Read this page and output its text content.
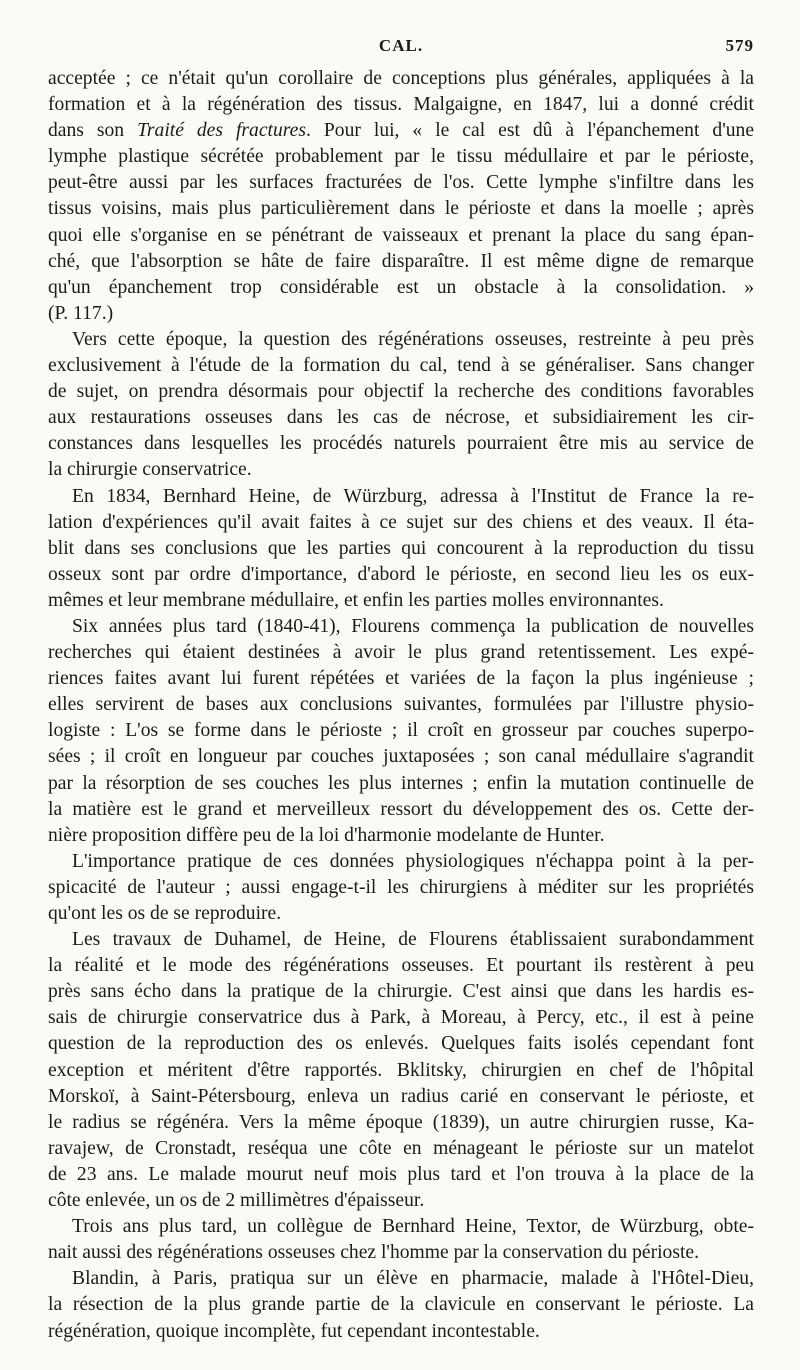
CAL.	579
acceptée ; ce n'était qu'un corollaire de conceptions plus générales, appliquées à la
formation et à la régénération des tissus. Malgaigne, en 1847, lui a donné crédit
dans son Traité des fractures. Pour lui, « le cal est dû à l'épanchement d'une
lymphe plastique sécrétée probablement par le tissu médullaire et par le périoste,
peut-être aussi par les surfaces fracturées de l'os. Cette lymphe s'infiltre dans les
tissus voisins, mais plus particulièrement dans le périoste et dans la moelle ; après
quoi elle s'organise en se pénétrant de vaisseaux et prenant la place du sang épan-
ché, que l'absorption se hâte de faire disparaître. Il est même digne de remarque
qu'un épanchement trop considérable est un obstacle à la consolidation. »
(P. 117.)
Vers cette époque, la question des régénérations osseuses, restreinte à peu près
exclusivement à l'étude de la formation du cal, tend à se généraliser. Sans changer
de sujet, on prendra désormais pour objectif la recherche des conditions favorables
aux restaurations osseuses dans les cas de nécrose, et subsidiairement les cir-
constances dans lesquelles les procédés naturels pourraient être mis au service de
la chirurgie conservatrice.
En 1834, Bernhard Heine, de Würzburg, adressa à l'Institut de France la re-
lation d'expériences qu'il avait faites à ce sujet sur des chiens et des veaux. Il éta-
blit dans ses conclusions que les parties qui concourent à la reproduction du tissu
osseux sont par ordre d'importance, d'abord le périoste, en second lieu les os eux-
mêmes et leur membrane médullaire, et enfin les parties molles environnantes.
Six années plus tard (1840-41), Flourens commença la publication de nouvelles
recherches qui étaient destinées à avoir le plus grand retentissement. Les expé-
riences faites avant lui furent répétées et variées de la façon la plus ingénieuse ;
elles servirent de bases aux conclusions suivantes, formulées par l'illustre physio-
logiste : L'os se forme dans le périoste ; il croît en grosseur par couches superpo-
sées ; il croît en longueur par couches juxtaposées ; son canal médullaire s'agrandit
par la résorption de ses couches les plus internes ; enfin la mutation continuelle de
la matière est le grand et merveilleux ressort du développement des os. Cette der-
nière proposition diffère peu de la loi d'harmonie modelante de Hunter.
L'importance pratique de ces données physiologiques n'échappa point à la per-
spicacité de l'auteur ; aussi engage-t-il les chirurgiens à méditer sur les propriétés
qu'ont les os de se reproduire.
Les travaux de Duhamel, de Heine, de Flourens établissaient surabondamment
la réalité et le mode des régénérations osseuses. Et pourtant ils restèrent à peu
près sans écho dans la pratique de la chirurgie. C'est ainsi que dans les hardis es-
sais de chirurgie conservatrice dus à Park, à Moreau, à Percy, etc., il est à peine
question de la reproduction des os enlevés. Quelques faits isolés cependant font
exception et méritent d'être rapportés. Bklitsky, chirurgien en chef de l'hôpital
Morskoï, à Saint-Pétersbourg, enleva un radius carié en conservant le périoste, et
le radius se régénéra. Vers la même époque (1839), un autre chirurgien russe, Ka-
ravajew, de Cronstadt, reséqua une côte en ménageant le périoste sur un matelot
de 23 ans. Le malade mourut neuf mois plus tard et l'on trouva à la place de la
côte enlevée, un os de 2 millimètres d'épaisseur.
Trois ans plus tard, un collègue de Bernhard Heine, Textor, de Würzburg, obte-
nait aussi des régénérations osseuses chez l'homme par la conservation du périoste.
Blandin, à Paris, pratiqua sur un élève en pharmacie, malade à l'Hôtel-Dieu,
la résection de la plus grande partie de la clavicule en conservant le périoste. La
régénération, quoique incomplète, fut cependant incontestable.
